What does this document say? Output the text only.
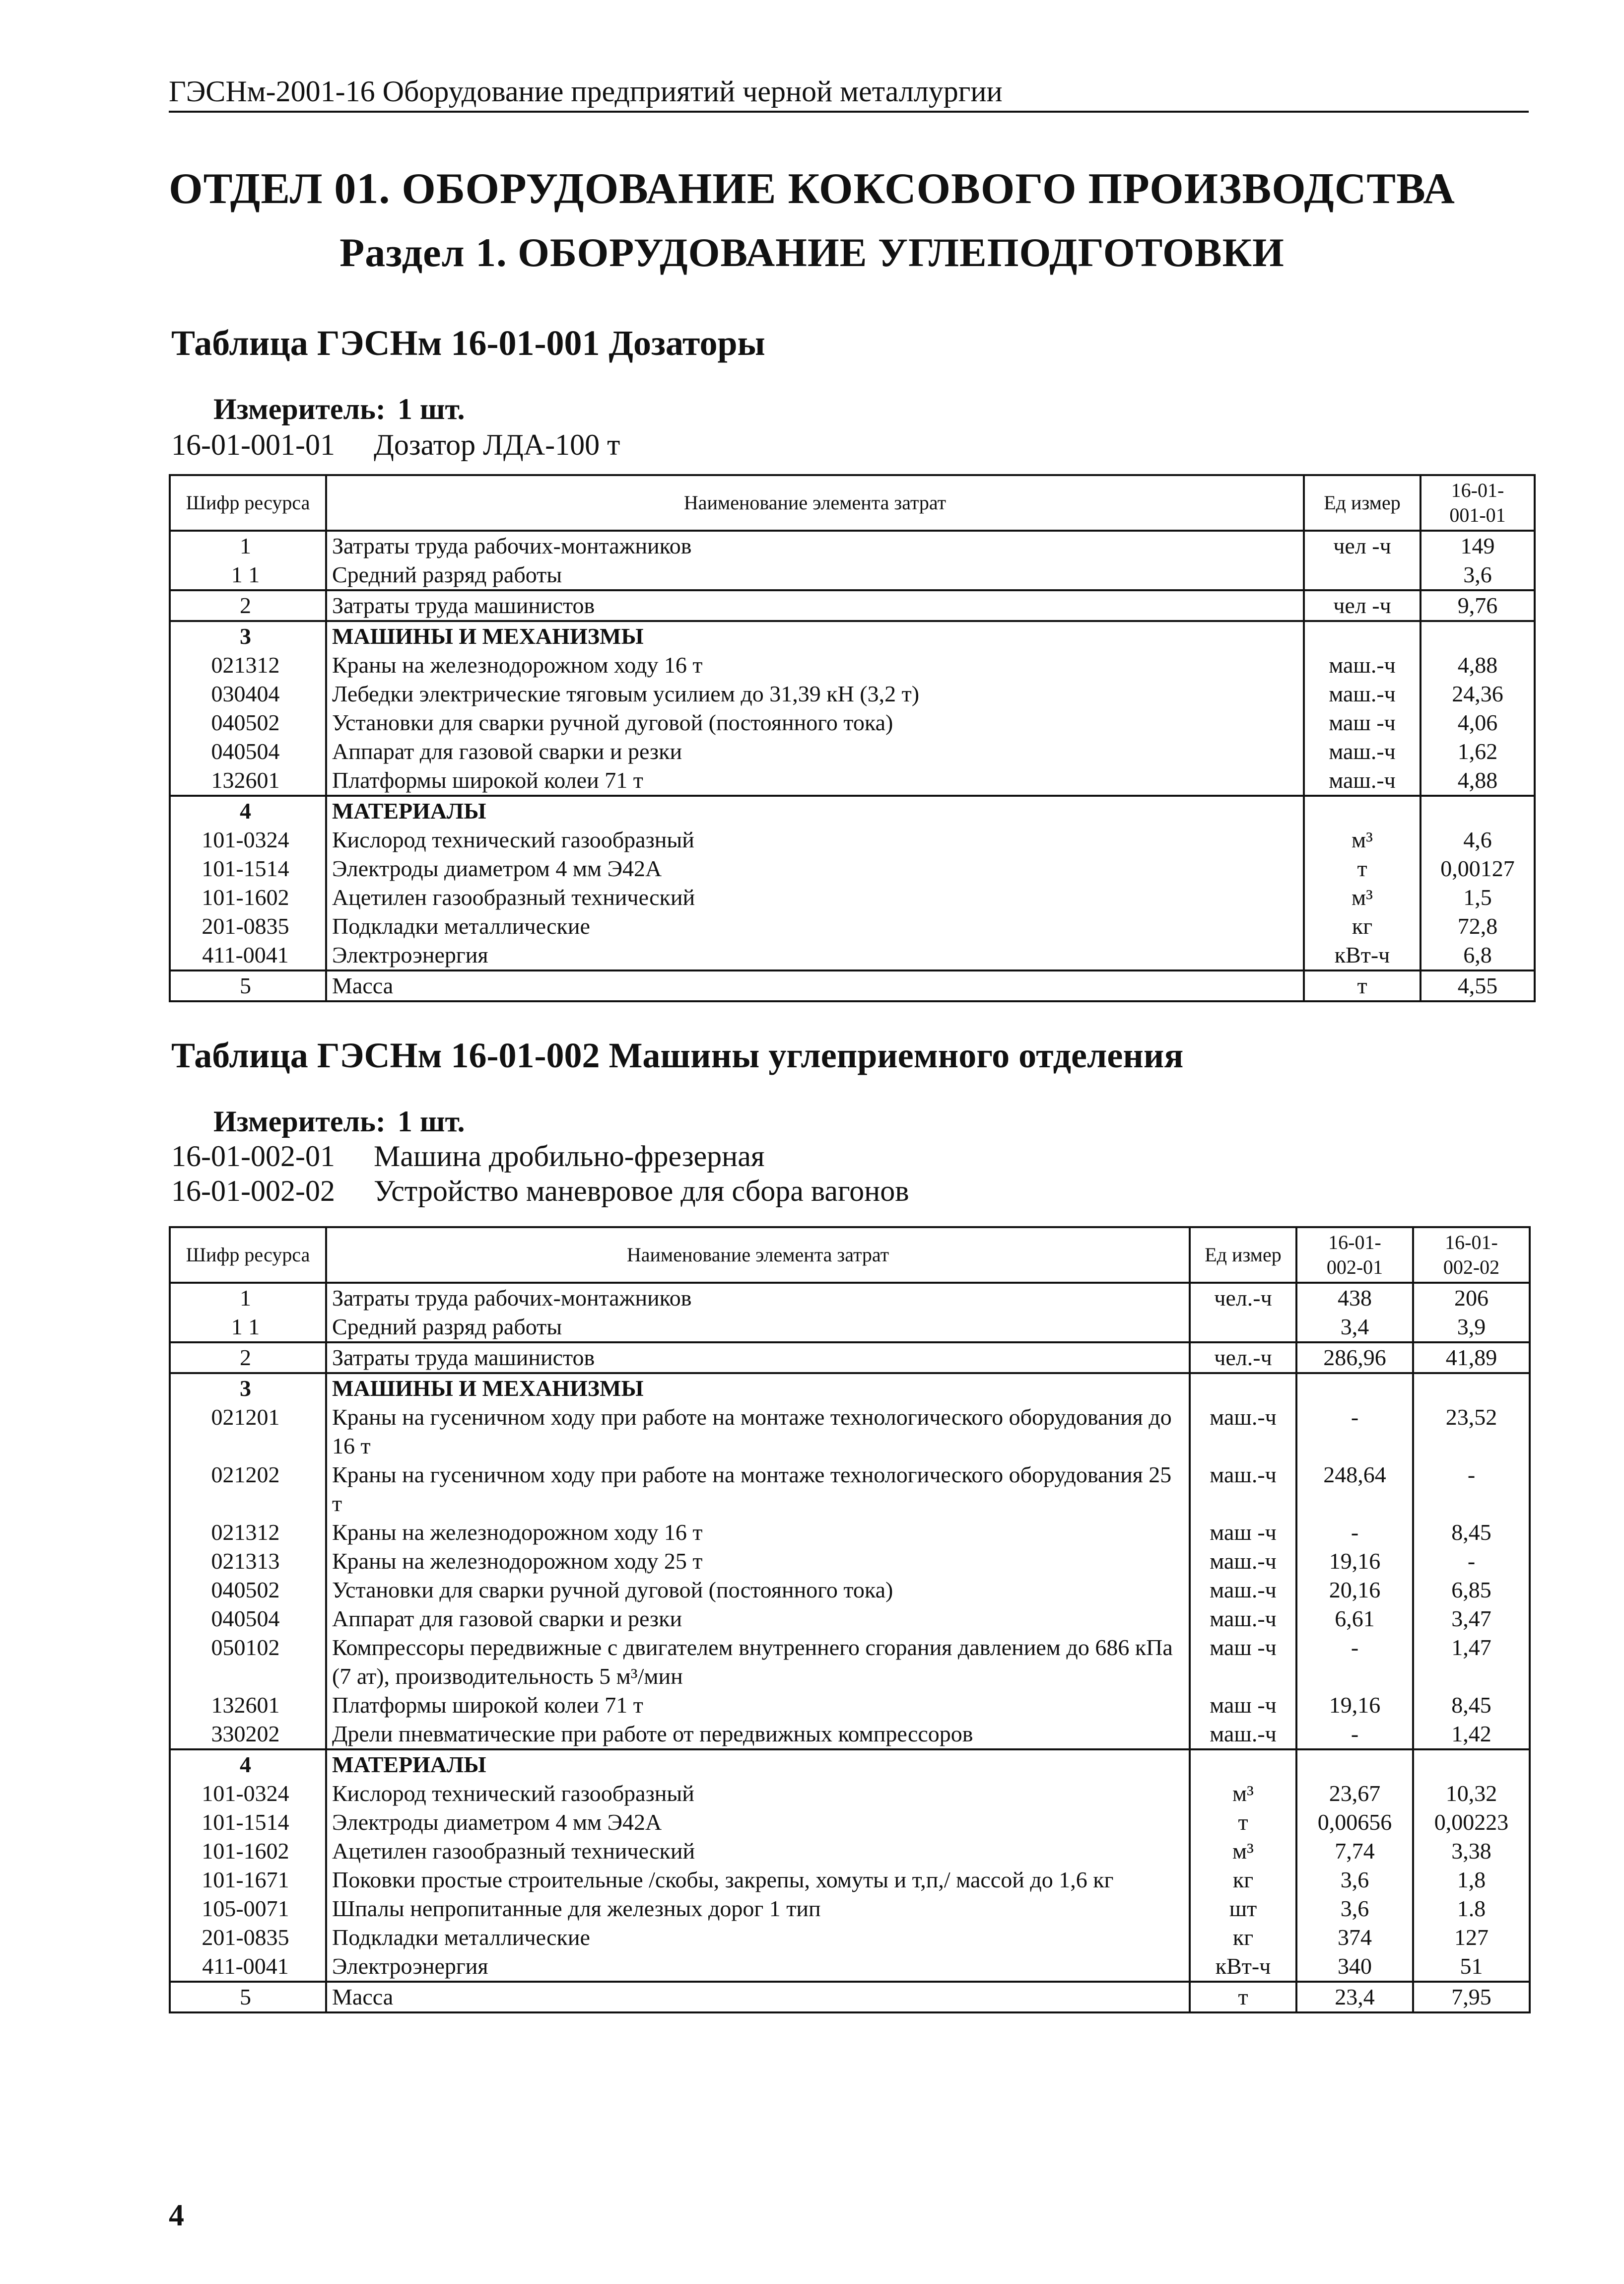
ГЭСНм-2001-16 Оборудование предприятий черной металлургии
ОТДЕЛ 01. ОБОРУДОВАНИЕ КОКСОВОГО ПРОИЗВОДСТВА
Раздел 1. ОБОРУДОВАНИЕ УГЛЕПОДГОТОВКИ
Таблица ГЭСНм 16-01-001 Дозаторы
Измеритель: 1 шт.
16-01-001-01 Дозатор ЛДА-100 т
Шифр ресурса	Наименование элемента затрат	Ед измер	16-01-
001-01
1	Затраты труда рабочих-монтажников	чел -ч	149
1 1	Средний разряд работы		3,6
2	Затраты труда машинистов	чел -ч	9,76
3	МАШИНЫ И МЕХАНИЗМЫ		
021312	Краны на железнодорожном ходу 16 т	маш.-ч	4,88
030404	Лебедки электрические тяговым усилием до 31,39 кН (3,2 т)	маш.-ч	24,36
040502	Установки для сварки ручной дуговой (постоянного тока)	маш -ч	4,06
040504	Аппарат для газовой сварки и резки	маш.-ч	1,62
132601	Платформы широкой колеи 71 т	маш.-ч	4,88
4	МАТЕРИАЛЫ		
101-0324	Кислород технический газообразный	м³	4,6
101-1514	Электроды диаметром 4 мм Э42А	т	0,00127
101-1602	Ацетилен газообразный технический	м³	1,5
201-0835	Подкладки металлические	кг	72,8
411-0041	Электроэнергия	кВт-ч	6,8
5	Масса	т	4,55
Таблица ГЭСНм 16-01-002 Машины углеприемного отделения
Измеритель: 1 шт.
16-01-002-01 Машина дробильно-фрезерная
16-01-002-02 Устройство маневровое для сбора вагонов
Шифр ресурса	Наименование элемента затрат	Ед измер	16-01-
002-01	16-01-
002-02
1	Затраты труда рабочих-монтажников	чел.-ч	438	206
1 1	Средний разряд работы		3,4	3,9
2	Затраты труда машинистов	чел.-ч	286,96	41,89
3	МАШИНЫ И МЕХАНИЗМЫ			
021201	Краны на гусеничном ходу при работе на монтаже технологического оборудования до 16 т	маш.-ч	-	23,52
021202	Краны на гусеничном ходу при работе на монтаже технологического оборудования 25 т	маш.-ч	248,64	-
021312	Краны на железнодорожном ходу 16 т	маш -ч	-	8,45
021313	Краны на железнодорожном ходу 25 т	маш.-ч	19,16	-
040502	Установки для сварки ручной дуговой (постоянного тока)	маш.-ч	20,16	6,85
040504	Аппарат для газовой сварки и резки	маш.-ч	6,61	3,47
050102	Компрессоры передвижные с двигателем внутреннего сгорания давлением до 686 кПа (7 ат), производительность 5 м³/мин	маш -ч	-	1,47
132601	Платформы широкой колеи 71 т	маш -ч	19,16	8,45
330202	Дрели пневматические при работе от передвижных компрессоров	маш.-ч	-	1,42
4	МАТЕРИАЛЫ			
101-0324	Кислород технический газообразный	м³	23,67	10,32
101-1514	Электроды диаметром 4 мм Э42А	т	0,00656	0,00223
101-1602	Ацетилен газообразный технический	м³	7,74	3,38
101-1671	Поковки простые строительные /скобы, закрепы, хомуты и т,п,/ массой до 1,6 кг	кг	3,6	1,8
105-0071	Шпалы непропитанные для железных дорог 1 тип	шт	3,6	1.8
201-0835	Подкладки металлические	кг	374	127
411-0041	Электроэнергия	кВт-ч	340	51
5	Масса	т	23,4	7,95
4
